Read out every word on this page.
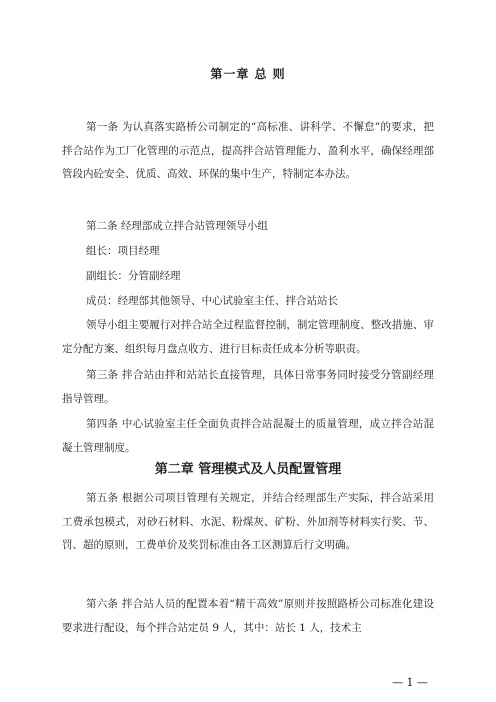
第一章 总 则
第一条 为认真落实路桥公司制定的“高标准、讲科学、不懈怠”的要求，把拌合站作为工厂化管理的示范点，提高拌合站管理能力、盈利水平，确保经理部管段内砼安全、优质、高效、环保的集中生产，特制定本办法。
第二条 经理部成立拌合站管理领导小组
组长：项目经理
副组长：分管副经理
成员：经理部其他领导、中心试验室主任、拌合站站长
领导小组主要履行对拌合站全过程监督控制，制定管理制度、整改措施、审定分配方案、组织每月盘点收方、进行目标责任成本分析等职责。
第三条 拌合站由拌和站站长直接管理，具体日常事务同时接受分管副经理指导管理。
第四条 中心试验室主任全面负责拌合站混凝土的质量管理，成立拌合站混凝土管理制度。
第二章 管理模式及人员配置管理
第五条 根据公司项目管理有关规定，并结合经理部生产实际，拌合站采用工费承包模式，对砂石材料、水泥、粉煤灰、矿粉、外加剂等材料实行奖、节、罚、超的原则，工费单价及奖罚标准由各工区测算后行文明确。
第六条 拌合站人员的配置本着“精干高效”原则并按照路桥公司标准化建设要求进行配设，每个拌合站定员 9 人，其中：站长 1 人，技术主
— 1 —
